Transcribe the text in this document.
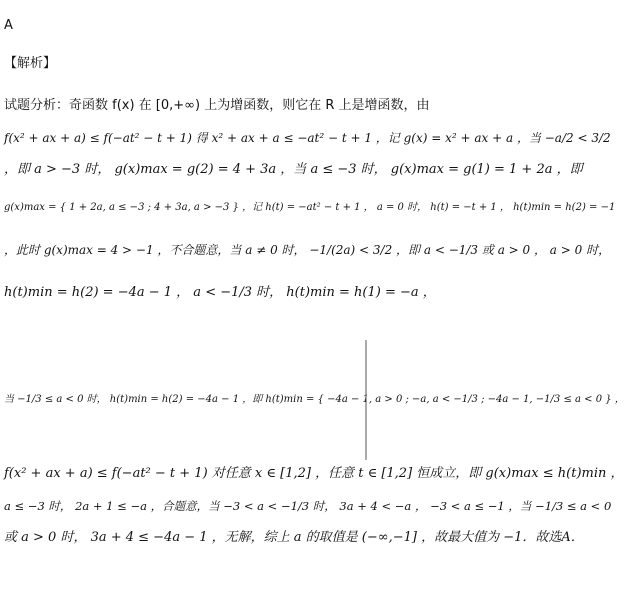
A
【解析】
试题分析：奇函数 f(x) 在 [0,+∞) 上为增函数，则它在 R 上是增函数，由
f(x² + ax + a) ≤ f(−at² − t + 1) 得 x² + ax + a ≤ −at² − t + 1 ，记 g(x) = x² + ax + a ，当 −a/2 < 3/2
，即 a > −3 时， g(x)max = g(2) = 4 + 3a ，当 a ≤ −3 时， g(x)max = g(1) = 1 + 2a ，即
g(x)max = { 1 + 2a, a ≤ −3 ; 4 + 3a, a > −3 } ，记 h(t) = −at² − t + 1 ， a = 0 时， h(t) = −t + 1 ， h(t)min = h(2) = −1
，此时 g(x)max = 4 > −1 ，不合题意，当 a ≠ 0 时， −1/(2a) < 3/2 ，即 a < −1/3 或 a > 0 ， a > 0 时，
h(t)min = h(2) = −4a − 1 ， a < −1/3 时， h(t)min = h(1) = −a ，
当 −1/3 ≤ a < 0 时， h(t)min = h(2) = −4a − 1 ，即 h(t)min = { −4a − 1, a > 0 ; −a, a < −1/3 ; −4a − 1, −1/3 ≤ a < 0 } ，
f(x² + ax + a) ≤ f(−at² − t + 1) 对任意 x ∈ [1,2] ，任意 t ∈ [1,2] 恒成立，即 g(x)max ≤ h(t)min ，
a ≤ −3 时， 2a + 1 ≤ −a ，合题意，当 −3 < a < −1/3 时， 3a + 4 < −a ， −3 < a ≤ −1 ，当 −1/3 ≤ a < 0
或 a > 0 时， 3a + 4 ≤ −4a − 1 ，无解，综上 a 的取值是 (−∞,−1] ，故最大值为 −1．故选A．
